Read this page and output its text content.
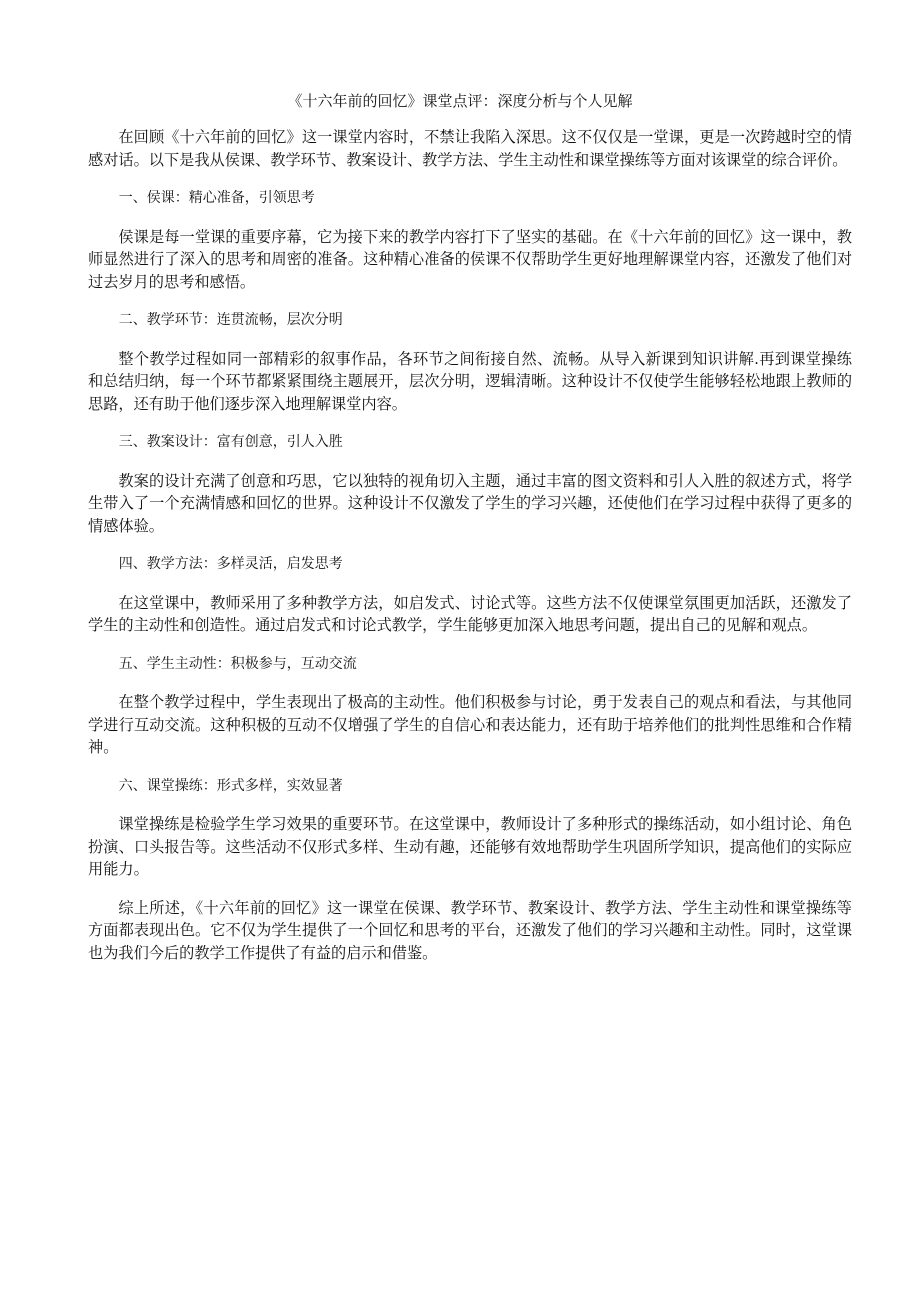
《十六年前的回忆》课堂点评：深度分析与个人见解

在回顾《十六年前的回忆》这一课堂内容时，不禁让我陷入深思。这不仅仅是一堂课，更是一次跨越时空的情感对话。以下是我从侯课、教学环节、教案设计、教学方法、学生主动性和课堂操练等方面对该课堂的综合评价。

一、侯课：精心准备，引领思考

侯课是每一堂课的重要序幕，它为接下来的教学内容打下了坚实的基础。在《十六年前的回忆》这一课中，教师显然进行了深入的思考和周密的准备。这种精心准备的侯课不仅帮助学生更好地理解课堂内容，还激发了他们对过去岁月的思考和感悟。

二、教学环节：连贯流畅，层次分明

整个教学过程如同一部精彩的叙事作品，各环节之间衔接自然、流畅。从导入新课到知识讲解.再到课堂操练和总结归纳，每一个环节都紧紧围绕主题展开，层次分明，逻辑清晰。这种设计不仅使学生能够轻松地跟上教师的思路，还有助于他们逐步深入地理解课堂内容。

三、教案设计：富有创意，引人入胜

教案的设计充满了创意和巧思，它以独特的视角切入主题，通过丰富的图文资料和引人入胜的叙述方式，将学生带入了一个充满情感和回忆的世界。这种设计不仅激发了学生的学习兴趣，还使他们在学习过程中获得了更多的情感体验。

四、教学方法：多样灵活，启发思考

在这堂课中，教师采用了多种教学方法，如启发式、讨论式等。这些方法不仅使课堂氛围更加活跃，还激发了学生的主动性和创造性。通过启发式和讨论式教学，学生能够更加深入地思考问题，提出自己的见解和观点。

五、学生主动性：积极参与，互动交流

在整个教学过程中，学生表现出了极高的主动性。他们积极参与讨论，勇于发表自己的观点和看法，与其他同学进行互动交流。这种积极的互动不仅增强了学生的自信心和表达能力，还有助于培养他们的批判性思维和合作精神。

六、课堂操练：形式多样，实效显著

课堂操练是检验学生学习效果的重要环节。在这堂课中，教师设计了多种形式的操练活动，如小组讨论、角色扮演、口头报告等。这些活动不仅形式多样、生动有趣，还能够有效地帮助学生巩固所学知识，提高他们的实际应用能力。

综上所述，《十六年前的回忆》这一课堂在侯课、教学环节、教案设计、教学方法、学生主动性和课堂操练等方面都表现出色。它不仅为学生提供了一个回忆和思考的平台，还激发了他们的学习兴趣和主动性。同时，这堂课也为我们今后的教学工作提供了有益的启示和借鉴。
